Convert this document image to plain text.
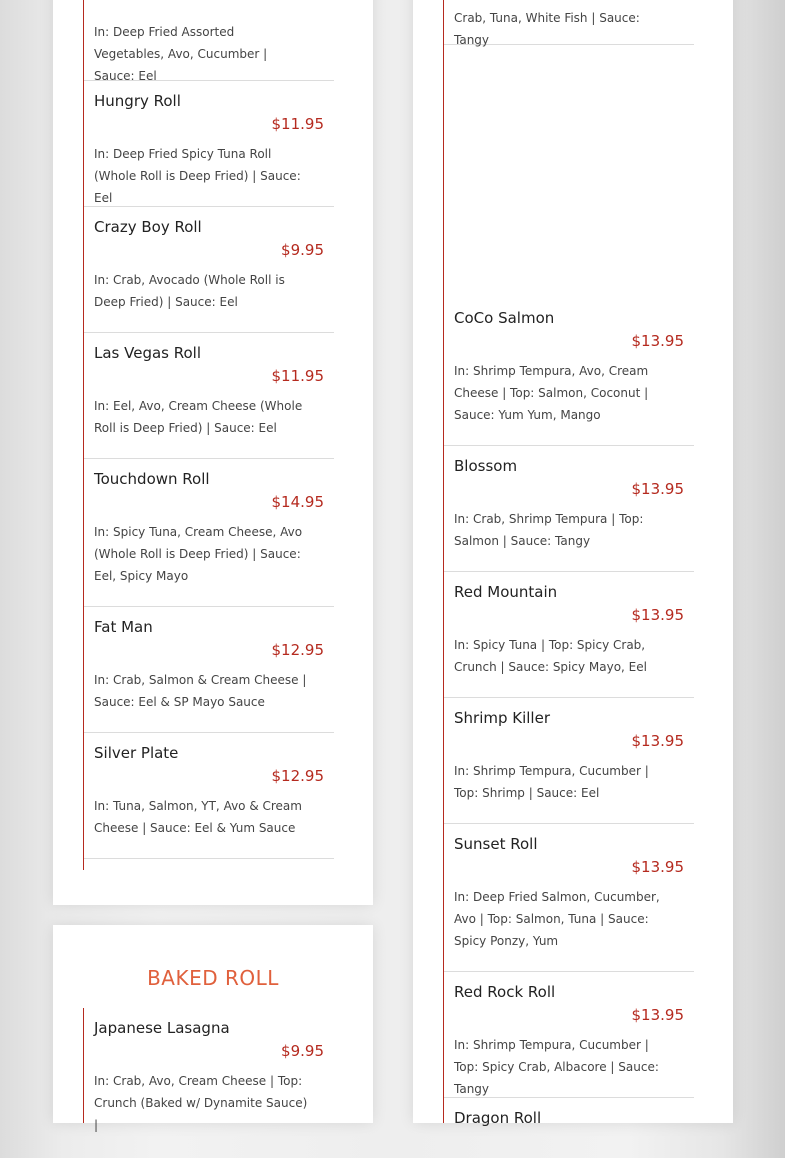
In: Deep Fried Assorted Vegetables, Avo, Cucumber | Sauce: Eel
Hungry Roll
$11.95
In: Deep Fried Spicy Tuna Roll (Whole Roll is Deep Fried) | Sauce: Eel
Crazy Boy Roll
$9.95
In: Crab, Avocado (Whole Roll is Deep Fried) | Sauce: Eel
Las Vegas Roll
$11.95
In: Eel, Avo, Cream Cheese (Whole Roll is Deep Fried) | Sauce: Eel
Touchdown Roll
$14.95
In: Spicy Tuna, Cream Cheese, Avo (Whole Roll is Deep Fried) | Sauce: Eel, Spicy Mayo
Fat Man
$12.95
In: Crab, Salmon & Cream Cheese | Sauce: Eel & SP Mayo Sauce
Silver Plate
$12.95
In: Tuna, Salmon, YT, Avo & Cream Cheese | Sauce: Eel & Yum Sauce
BAKED ROLL
Japanese Lasagna
$9.95
In: Crab, Avo, Cream Cheese | Top: Crunch (Baked w/ Dynamite Sauce) |
Crab, Tuna, White Fish | Sauce: Tangy
CoCo Salmon
$13.95
In: Shrimp Tempura, Avo, Cream Cheese | Top: Salmon, Coconut | Sauce: Yum Yum, Mango
Blossom
$13.95
In: Crab, Shrimp Tempura | Top: Salmon | Sauce: Tangy
Red Mountain
$13.95
In: Spicy Tuna | Top: Spicy Crab, Crunch | Sauce: Spicy Mayo, Eel
Shrimp Killer
$13.95
In: Shrimp Tempura, Cucumber | Top: Shrimp | Sauce: Eel
Sunset Roll
$13.95
In: Deep Fried Salmon, Cucumber, Avo | Top: Salmon, Tuna | Sauce: Spicy Ponzy, Yum
Red Rock Roll
$13.95
In: Shrimp Tempura, Cucumber | Top: Spicy Crab, Albacore | Sauce: Tangy
Dragon Roll
